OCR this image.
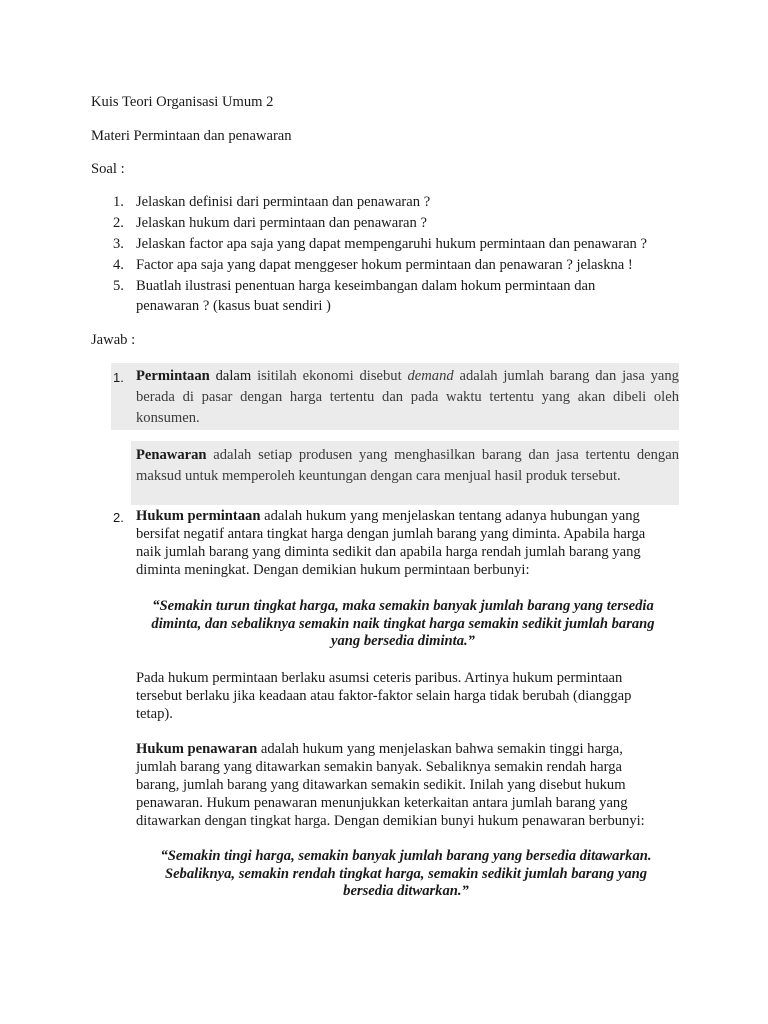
Kuis Teori Organisasi Umum 2
Materi Permintaan dan penawaran
Soal :
1. Jelaskan definisi dari permintaan dan penawaran ?
2. Jelaskan hukum dari permintaan dan penawaran ?
3. Jelaskan factor apa saja yang dapat mempengaruhi hukum permintaan dan penawaran ?
4. Factor apa saja yang dapat menggeser hokum permintaan dan penawaran ? jelaskna !
5. Buatlah ilustrasi penentuan harga keseimbangan dalam hokum permintaan dan
penawaran ? (kasus buat sendiri )
Jawab :
1. Permintaan dalam isitilah ekonomi disebut demand adalah jumlah barang dan jasa yang
berada di pasar dengan harga tertentu dan pada waktu tertentu yang akan dibeli oleh
konsumen.
Penawaran adalah setiap produsen yang menghasilkan barang dan jasa tertentu dengan
maksud untuk memperoleh keuntungan dengan cara menjual hasil produk tersebut.
2. Hukum permintaan adalah hukum yang menjelaskan tentang adanya hubungan yang
bersifat negatif antara tingkat harga dengan jumlah barang yang diminta. Apabila harga
naik jumlah barang yang diminta sedikit dan apabila harga rendah jumlah barang yang
diminta meningkat. Dengan demikian hukum permintaan berbunyi:
“Semakin turun tingkat harga, maka semakin banyak jumlah barang yang tersedia
diminta, dan sebaliknya semakin naik tingkat harga semakin sedikit jumlah barang
yang bersedia diminta.”
Pada hukum permintaan berlaku asumsi ceteris paribus. Artinya hukum permintaan
tersebut berlaku jika keadaan atau faktor-faktor selain harga tidak berubah (dianggap
tetap).
Hukum penawaran adalah hukum yang menjelaskan bahwa semakin tinggi harga,
jumlah barang yang ditawarkan semakin banyak. Sebaliknya semakin rendah harga
barang, jumlah barang yang ditawarkan semakin sedikit. Inilah yang disebut hukum
penawaran. Hukum penawaran menunjukkan keterkaitan antara jumlah barang yang
ditawarkan dengan tingkat harga. Dengan demikian bunyi hukum penawaran berbunyi:
“Semakin tingi harga, semakin banyak jumlah barang yang bersedia ditawarkan.
Sebaliknya, semakin rendah tingkat harga, semakin sedikit jumlah barang yang
bersedia ditwarkan.”
